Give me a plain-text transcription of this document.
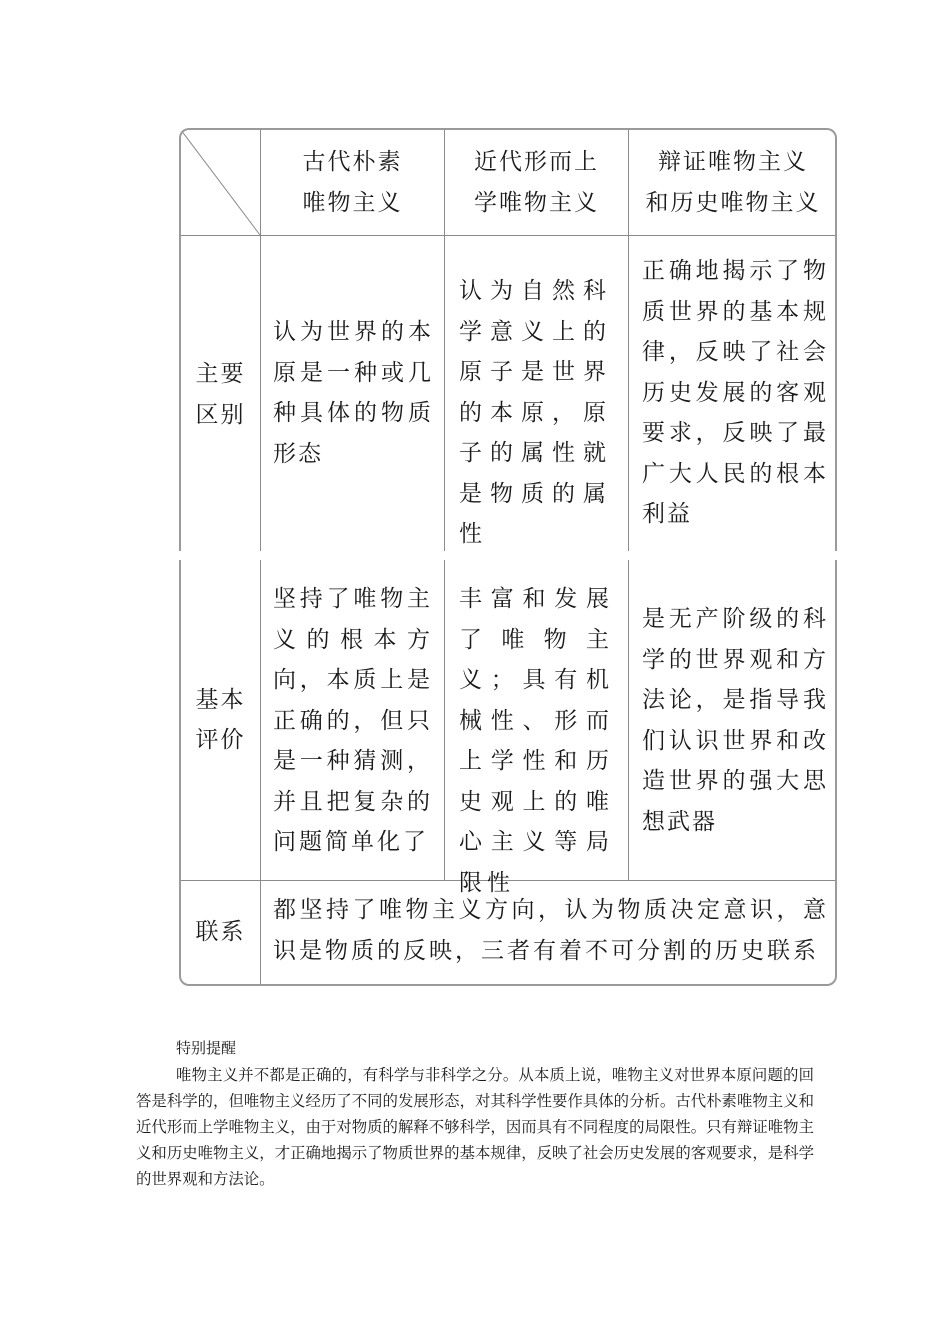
古代朴素
唯物主义
近代形而上
学唯物主义
辩证唯物主义
和历史唯物主义
主要
区别
认为世界的本原是一种或几种具体的物质形态
认为自然科学意义上的原子是世界的本原，原子的属性就是物质的属性
正确地揭示了物质世界的基本规律，反映了社会历史发展的客观要求，反映了最广大人民的根本利益
基本
评价
坚持了唯物主义的根本方向，本质上是正确的，但只是一种猜测，并且把复杂的问题简单化了
丰富和发展了唯物主义；具有机械性、形而上学性和历史观上的唯心主义等局限性
是无产阶级的科学的世界观和方法论，是指导我们认识世界和改造世界的强大思想武器
联系
都坚持了唯物主义方向，认为物质决定意识，意识是物质的反映，三者有着不可分割的历史联系
特别提醒

唯物主义并不都是正确的，有科学与非科学之分。从本质上说，唯物主义对世界本原问题的回答是科学的，但唯物主义经历了不同的发展形态，对其科学性要作具体的分析。古代朴素唯物主义和近代形而上学唯物主义，由于对物质的解释不够科学，因而具有不同程度的局限性。只有辩证唯物主义和历史唯物主义，才正确地揭示了物质世界的基本规律，反映了社会历史发展的客观要求，是科学的世界观和方法论。
